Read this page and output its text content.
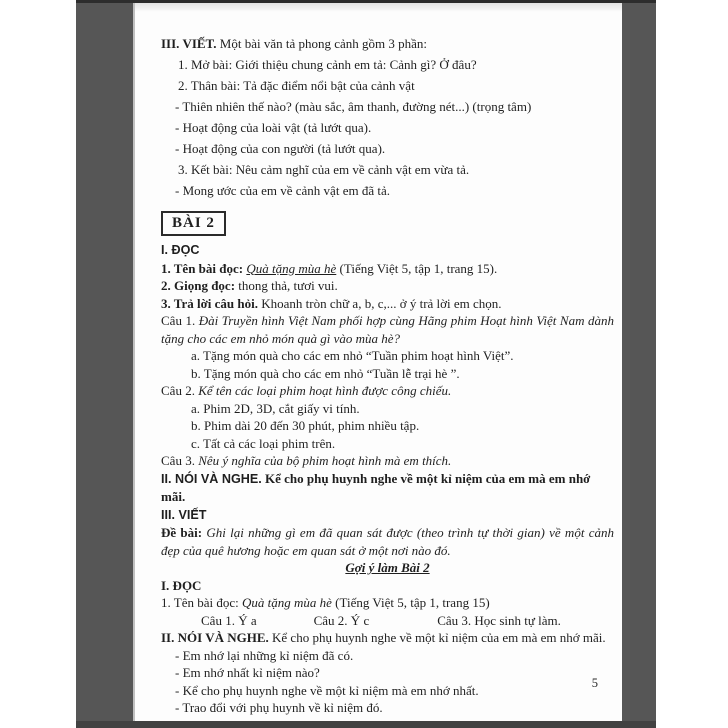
III. VIẾT. Một bài văn tả phong cảnh gồm 3 phần:
1. Mở bài: Giới thiệu chung cảnh em tả: Cảnh gì? Ở đâu?
2. Thân bài: Tả đặc điểm nổi bật của cảnh vật
- Thiên nhiên thế nào? (màu sắc, âm thanh, đường nét...) (trọng tâm)
- Hoạt động của loài vật (tả lướt qua).
- Hoạt động của con người (tả lướt qua).
3. Kết bài: Nêu cảm nghĩ của em về cảnh vật em vừa tả.
- Mong ước của em về cảnh vật em đã tả.
BÀI 2
I. ĐỌC
1. Tên bài đọc: Quà tặng mùa hè (Tiếng Việt 5, tập 1, trang 15).
2. Giọng đọc: thong thả, tươi vui.
3. Trả lời câu hỏi. Khoanh tròn chữ a, b, c,... ở ý trả lời em chọn.
Câu 1. Đài Truyền hình Việt Nam phối hợp cùng Hãng phim Hoạt hình Việt Nam dành tặng cho các em nhỏ món quà gì vào mùa hè?
a. Tặng món quà cho các em nhỏ “Tuần phim hoạt hình Việt”.
b. Tặng món quà cho các em nhỏ “Tuần lễ trại hè ”.
Câu 2. Kể tên các loại phim hoạt hình được công chiếu.
a. Phim 2D, 3D, cắt giấy vi tính.
b. Phim dài 20 đến 30 phút, phim nhiều tập.
c. Tất cả các loại phim trên.
Câu 3. Nêu ý nghĩa của bộ phim hoạt hình mà em thích.
II. NÓI VÀ NGHE. Kể cho phụ huynh nghe về một kỉ niệm của em mà em nhớ mãi.
III. VIẾT
Đề bài: Ghi lại những gì em đã quan sát được (theo trình tự thời gian) về một cảnh đẹp của quê hương hoặc em quan sát ở một nơi nào đó.
Gợi ý làm Bài 2
I. ĐỌC
1. Tên bài đọc: Quà tặng mùa hè (Tiếng Việt 5, tập 1, trang 15)
Câu 1. Ý a	Câu 2. Ý c	Câu 3. Học sinh tự làm.
II. NÓI VÀ NGHE. Kể cho phụ huynh nghe về một kỉ niệm của em mà em nhớ mãi.
- Em nhớ lại những kỉ niệm đã có.
- Em nhớ nhất kỉ niệm nào?
- Kể cho phụ huynh nghe về một kỉ niệm mà em nhớ nhất.
- Trao đổi với phụ huynh về kỉ niệm đó.
5
